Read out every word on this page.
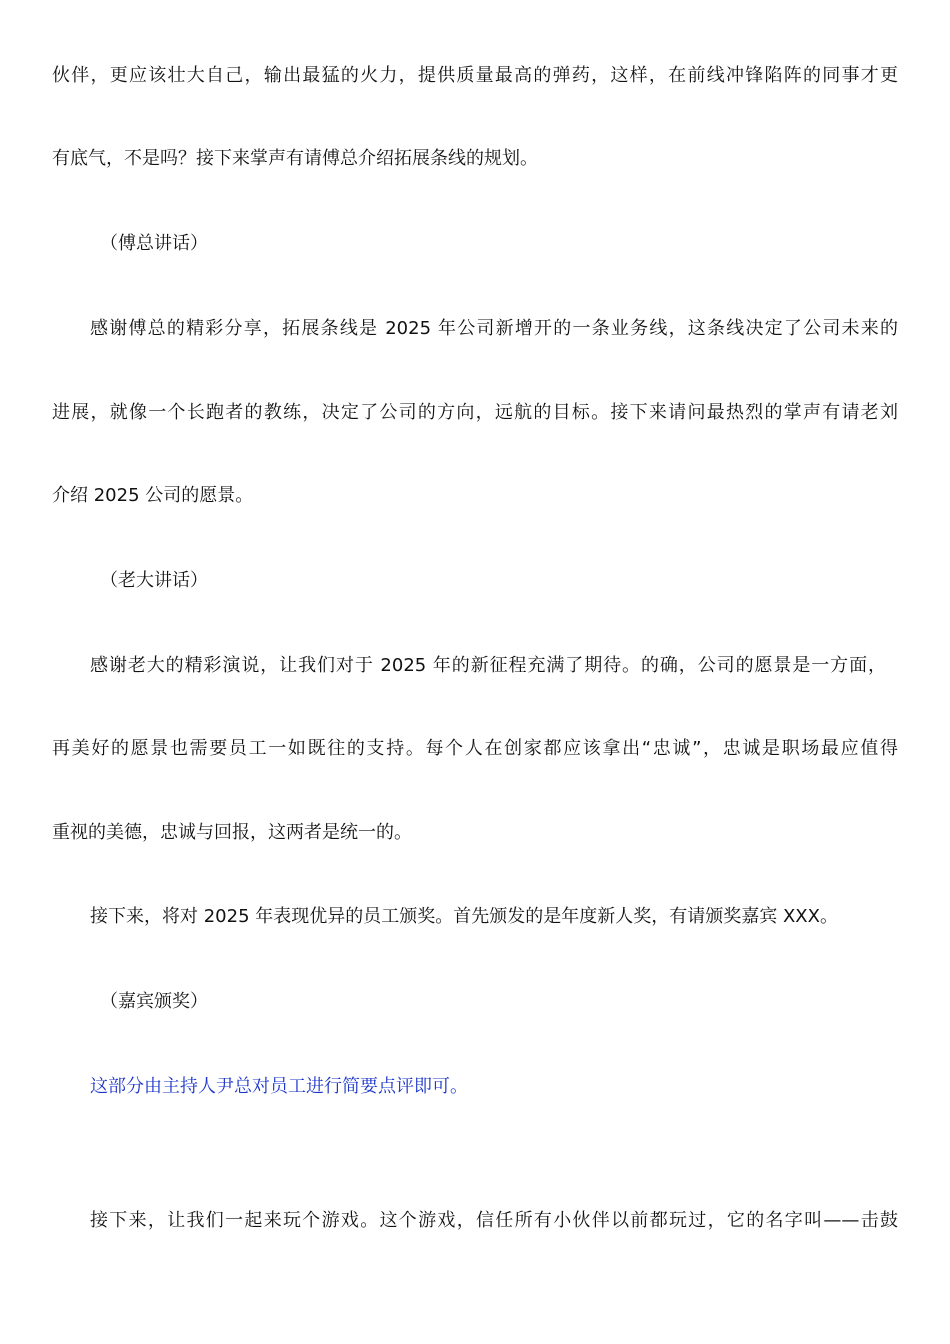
伙伴，更应该壮大自己，输出最猛的火力，提供质量最高的弹药，这样，在前线冲锋陷阵的同事才更

有底气，不是吗？接下来掌声有请傅总介绍拓展条线的规划。

（傅总讲话）

感谢傅总的精彩分享，拓展条线是 2025 年公司新增开的一条业务线，这条线决定了公司未来的

进展，就像一个长跑者的教练，决定了公司的方向，远航的目标。接下来请问最热烈的掌声有请老刘

介绍 2025 公司的愿景。

（老大讲话）

感谢老大的精彩演说，让我们对于 2025 年的新征程充满了期待。的确，公司的愿景是一方面，

再美好的愿景也需要员工一如既往的支持。每个人在创家都应该拿出“忠诚”，忠诚是职场最应值得

重视的美德，忠诚与回报，这两者是统一的。

接下来，将对 2025 年表现优异的员工颁奖。首先颁发的是年度新人奖，有请颁奖嘉宾 XXX。

（嘉宾颁奖）

这部分由主持人尹总对员工进行简要点评即可。

接下来，让我们一起来玩个游戏。这个游戏，信任所有小伙伴以前都玩过，它的名字叫——击鼓
